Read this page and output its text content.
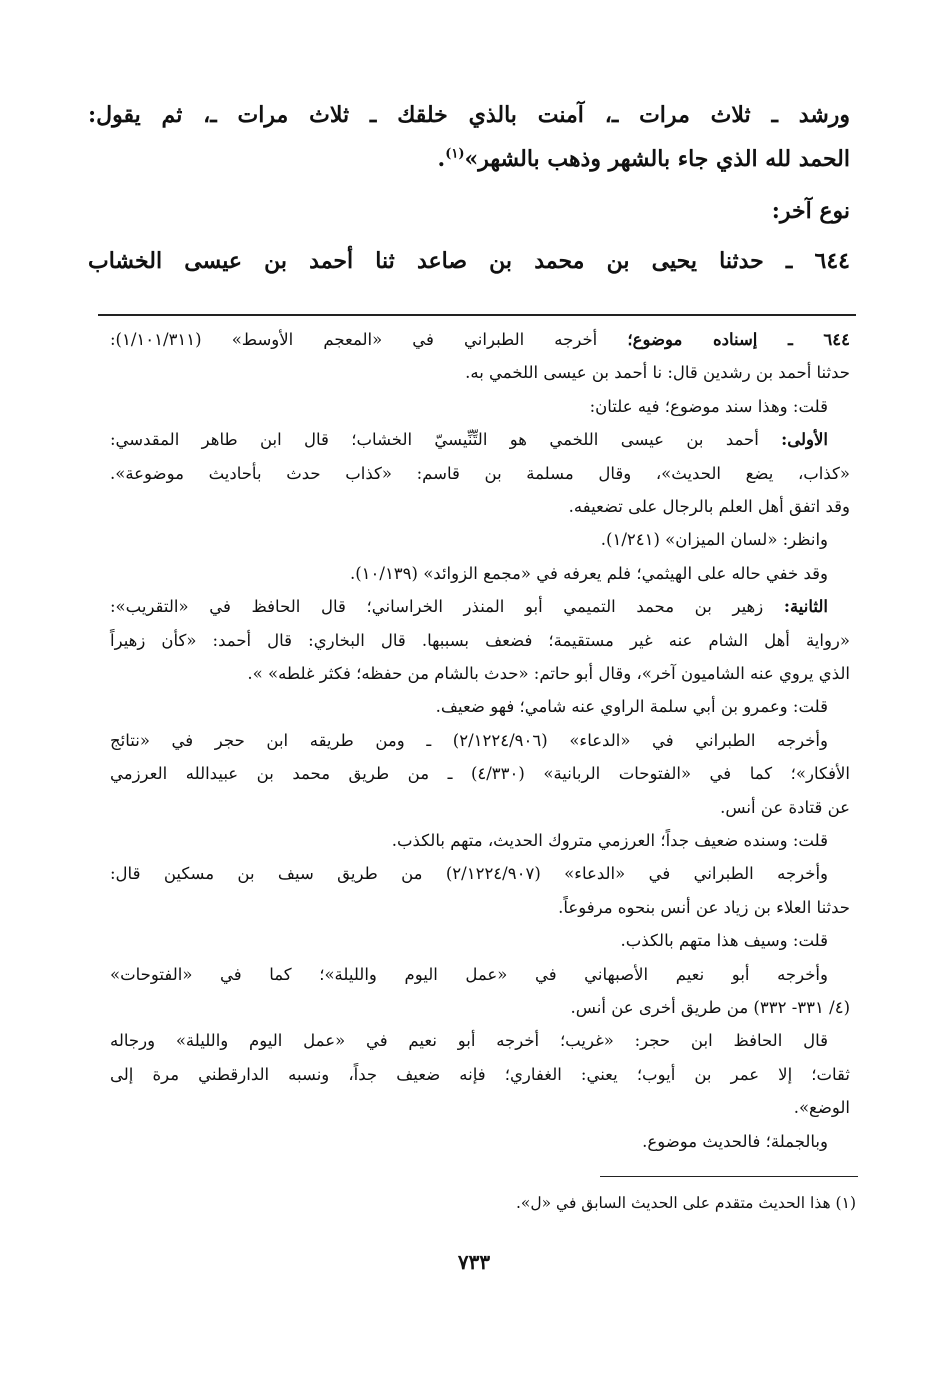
ورشد ـ ثلاث مرات ـ، آمنت بالذي خلقك ـ ثلاث مرات ـ، ثم يقول:
الحمد لله الذي جاء بالشهر وذهب بالشهر»$^{(١)}$.
نوع آخر:
٦٤٤ ـ حدثنا يحيى بن محمد بن صاعد ثنا أحمد بن عيسى الخشاب
٦٤٤ ـ إسناده موضوع؛ أخرجه الطبراني في «المعجم الأوسط» (١/١٠١/٣١١):
حدثنا أحمد بن رشدين قال: نا أحمد بن عيسى اللخمي به.
قلت: وهذا سند موضوع؛ فيه علتان:
الأولى: أحمد بن عيسى اللخمي هو التِّنِّيسيّ الخشاب؛ قال ابن طاهر المقدسي:
«كذاب، يضع الحديث»، وقال مسلمة بن قاسم: «كذاب حدث بأحاديث موضوعة».
وقد اتفق أهل العلم بالرجال على تضعيفه.
وانظر: «لسان الميزان» (١/٢٤١).
وقد خفي حاله على الهيثمي؛ فلم يعرفه في «مجمع الزوائد» (١٠/١٣٩).
الثانية: زهير بن محمد التميمي أبو المنذر الخراساني؛ قال الحافظ في «التقريب»:
«رواية أهل الشام عنه غير مستقيمة؛ فضعف بسببها. قال البخاري: قال أحمد: «كأن زهيراً
الذي يروي عنه الشاميون آخر»، وقال أبو حاتم: «حدث بالشام من حفظه؛ فكثر غلطه» ».
قلت: وعمرو بن أبي سلمة الراوي عنه شامي؛ فهو ضعيف.
وأخرجه الطبراني في «الدعاء» (٢/١٢٢٤/٩٠٦) ـ ومن طريقه ابن حجر في «نتائج
الأفكار»؛ كما في «الفتوحات الربانية» (٤/٣٣٠) ـ من طريق محمد بن عبيدالله العرزمي
عن قتادة عن أنس.
قلت: وسنده ضعيف جداً؛ العرزمي متروك الحديث، متهم بالكذب.
وأخرجه الطبراني في «الدعاء» (٢/١٢٢٤/٩٠٧) من طريق سيف بن مسكين قال:
حدثنا العلاء بن زياد عن أنس بنحوه مرفوعاً.
قلت: وسيف هذا متهم بالكذب.
وأخرجه أبو نعيم الأصبهاني في «عمل اليوم والليلة»؛ كما في «الفتوحات»
(٤/ ٣٣١- ٣٣٢) من طريق أخرى عن أنس.
قال الحافظ ابن حجر: «غريب؛ أخرجه أبو نعيم في «عمل اليوم والليلة» ورجاله
ثقات؛ إلا عمر بن أيوب؛ يعني: الغفاري؛ فإنه ضعيف جداً، ونسبه الدارقطني مرة إلى
الوضع».
وبالجملة؛ فالحديث موضوع.
(١) هذا الحديث متقدم على الحديث السابق في «ل».
٧٣٣
